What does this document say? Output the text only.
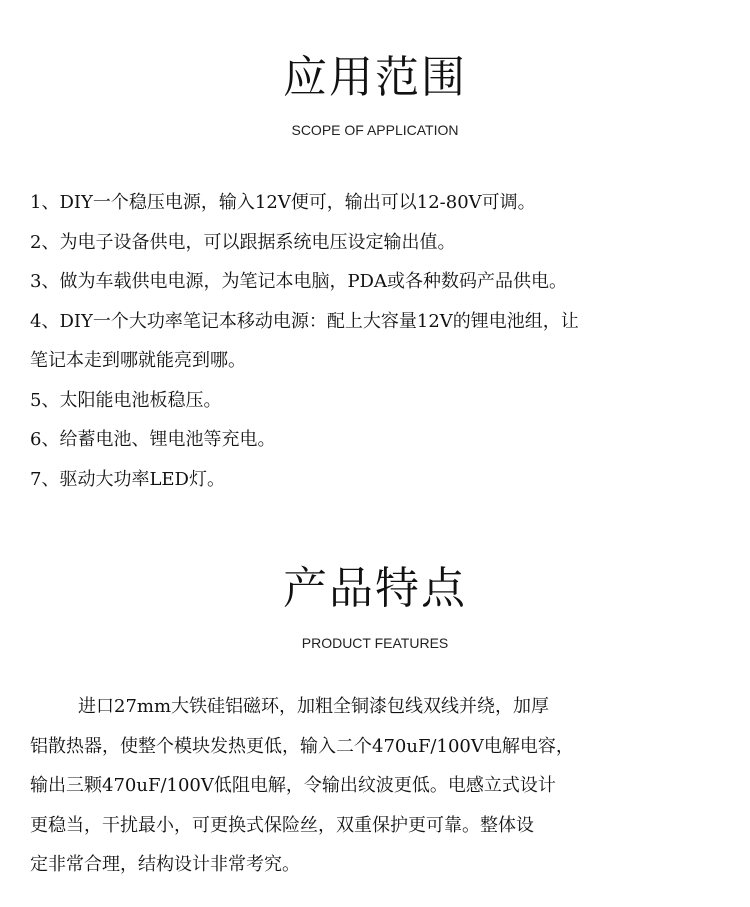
应用范围
SCOPE OF APPLICATION
1、DIY一个稳压电源，输入12V便可，输出可以12-80V可调。
2、为电子设备供电，可以跟据系统电压设定输出值。
3、做为车载供电电源，为笔记本电脑，PDA或各种数码产品供电。
4、DIY一个大功率笔记本移动电源：配上大容量12V的锂电池组，让
笔记本走到哪就能亮到哪。
5、太阳能电池板稳压。
6、给蓄电池、锂电池等充电。
7、驱动大功率LED灯。
产品特点
PRODUCT FEATURES
进口27mm大铁硅铝磁环，加粗全铜漆包线双线并绕，加厚
铝散热器，使整个模块发热更低，输入二个470uF/100V电解电容，
输出三颗470uF/100V低阻电解，令输出纹波更低。电感立式设计
更稳当，干扰最小，可更换式保险丝，双重保护更可靠。整体设
定非常合理，结构设计非常考究。
